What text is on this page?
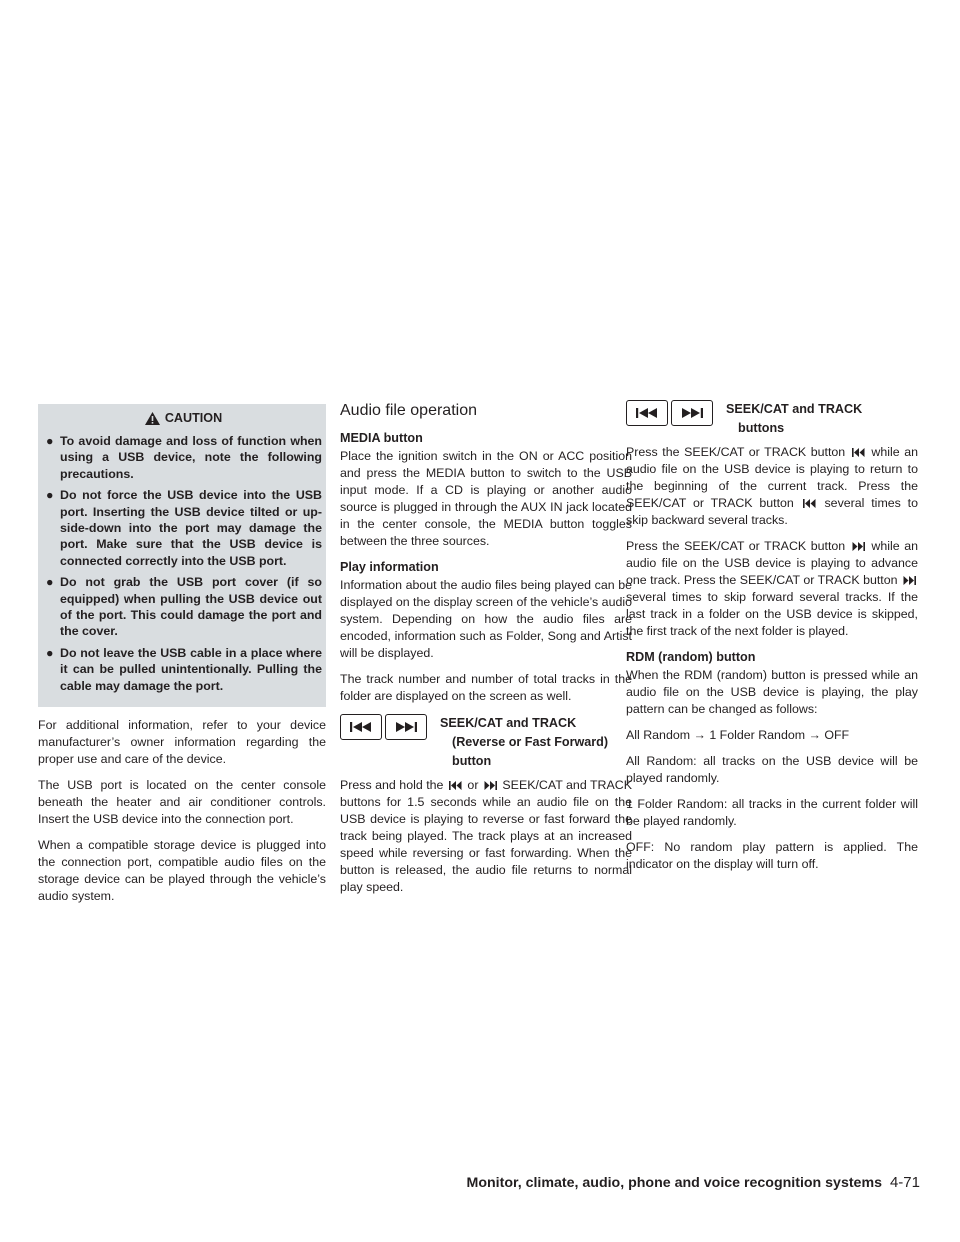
CAUTION
● To avoid damage and loss of function when using a USB device, note the following precautions.
● Do not force the USB device into the USB port. Inserting the USB device tilted or up-side-down into the port may damage the port. Make sure that the USB device is connected correctly into the USB port.
● Do not grab the USB port cover (if so equipped) when pulling the USB device out of the port. This could damage the port and the cover.
● Do not leave the USB cable in a place where it can be pulled unintentionally. Pulling the cable may damage the port.

For additional information, refer to your device manufacturer’s owner information regarding the proper use and care of the device.

The USB port is located on the center console beneath the heater and air conditioner controls. Insert the USB device into the connection port.

When a compatible storage device is plugged into the connection port, compatible audio files on the storage device can be played through the vehicle’s audio system.

Audio file operation
MEDIA button

Place the ignition switch in the ON or ACC position and press the MEDIA button to switch to the USB input mode. If a CD is playing or another audio source is plugged in through the AUX IN jack located in the center console, the MEDIA button toggles between the three sources.

Play information

Information about the audio files being played can be displayed on the display screen of the vehicle’s audio system. Depending on how the audio files are encoded, information such as Folder, Song and Artist will be displayed.

The track number and number of total tracks in the folder are displayed on the screen as well.

SEEK/CAT and TRACK
(Reverse or Fast Forward)
button

Press and hold the or SEEK/CAT and TRACK buttons for 1.5 seconds while an audio file on the USB device is playing to reverse or fast forward the track being played. The track plays at an increased speed while reversing or fast forwarding. When the button is released, the audio file returns to normal play speed.

SEEK/CAT and TRACK
buttons

Press the SEEK/CAT or TRACK button while an audio file on the USB device is playing to return to the beginning of the current track. Press the SEEK/CAT or TRACK button several times to skip backward several tracks.

Press the SEEK/CAT or TRACK button while an audio file on the USB device is playing to advance one track. Press the SEEK/CAT or TRACK button  several times to skip forward several tracks. If the last track in a folder on the USB device is skipped, the first track of the next folder is played.

RDM (random) button

When the RDM (random) button is pressed while an audio file on the USB device is playing, the play pattern can be changed as follows:

All Random → 1 Folder Random → OFF

All Random: all tracks on the USB device will be played randomly.

1 Folder Random: all tracks in the current folder will be played randomly.

OFF: No random play pattern is applied. The indicator on the display will turn off.

Monitor, climate, audio, phone and voice recognition systems 4-71
